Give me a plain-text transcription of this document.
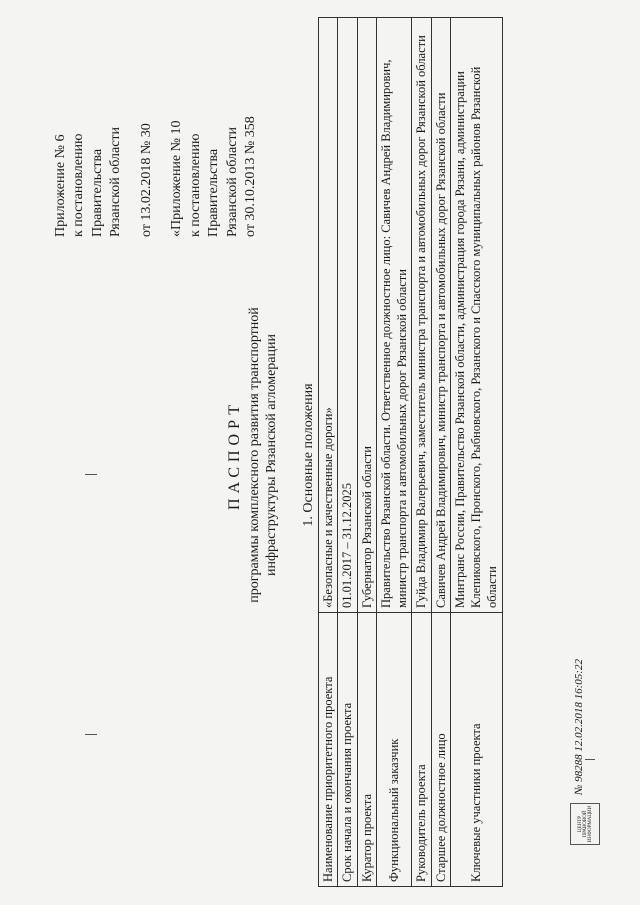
Приложение № 6 к постановлению Правительства Рязанской области от 13.02.2018 № 30 «Приложение № 10 к постановлению Правительства Рязанской области от 30.10.2013 № 358
ПАСПОРТ программы комплексного развития транспортной инфраструктуры Рязанской агломерации 1. Основные положения
Наименование приоритетного проекта	«Безопасные и качественные дороги»
Срок начала и окончания проекта	01.01.2017 – 31.12.2025
Куратор проекта	Губернатор Рязанской области
Функциональный заказчик	Правительство Рязанской области. Ответственное должностное лицо: Савичев Андрей Владимирович, министр транспорта и автомобильных дорог Рязанской области
Руководитель проекта	Гуйда Владимир Валерьевич, заместитель министра транспорта и автомобильных дорог Рязанской области
Старшее должностное лицо	Савичев Андрей Владимирович, министр транспорта и автомобильных дорог Рязанской области
Ключевые участники проекта	Минтранс России, Правительство Рязанской области, администрация города Рязани, администрации Клепиковского, Пронского, Рыбновского, Рязанского и Спасского муниципальных районов Рязанской области
ЦЕНТР ПРАВОВОЙ ИНФОРМАЦИИ
№ 98288 12.02.2018 16:05:22
